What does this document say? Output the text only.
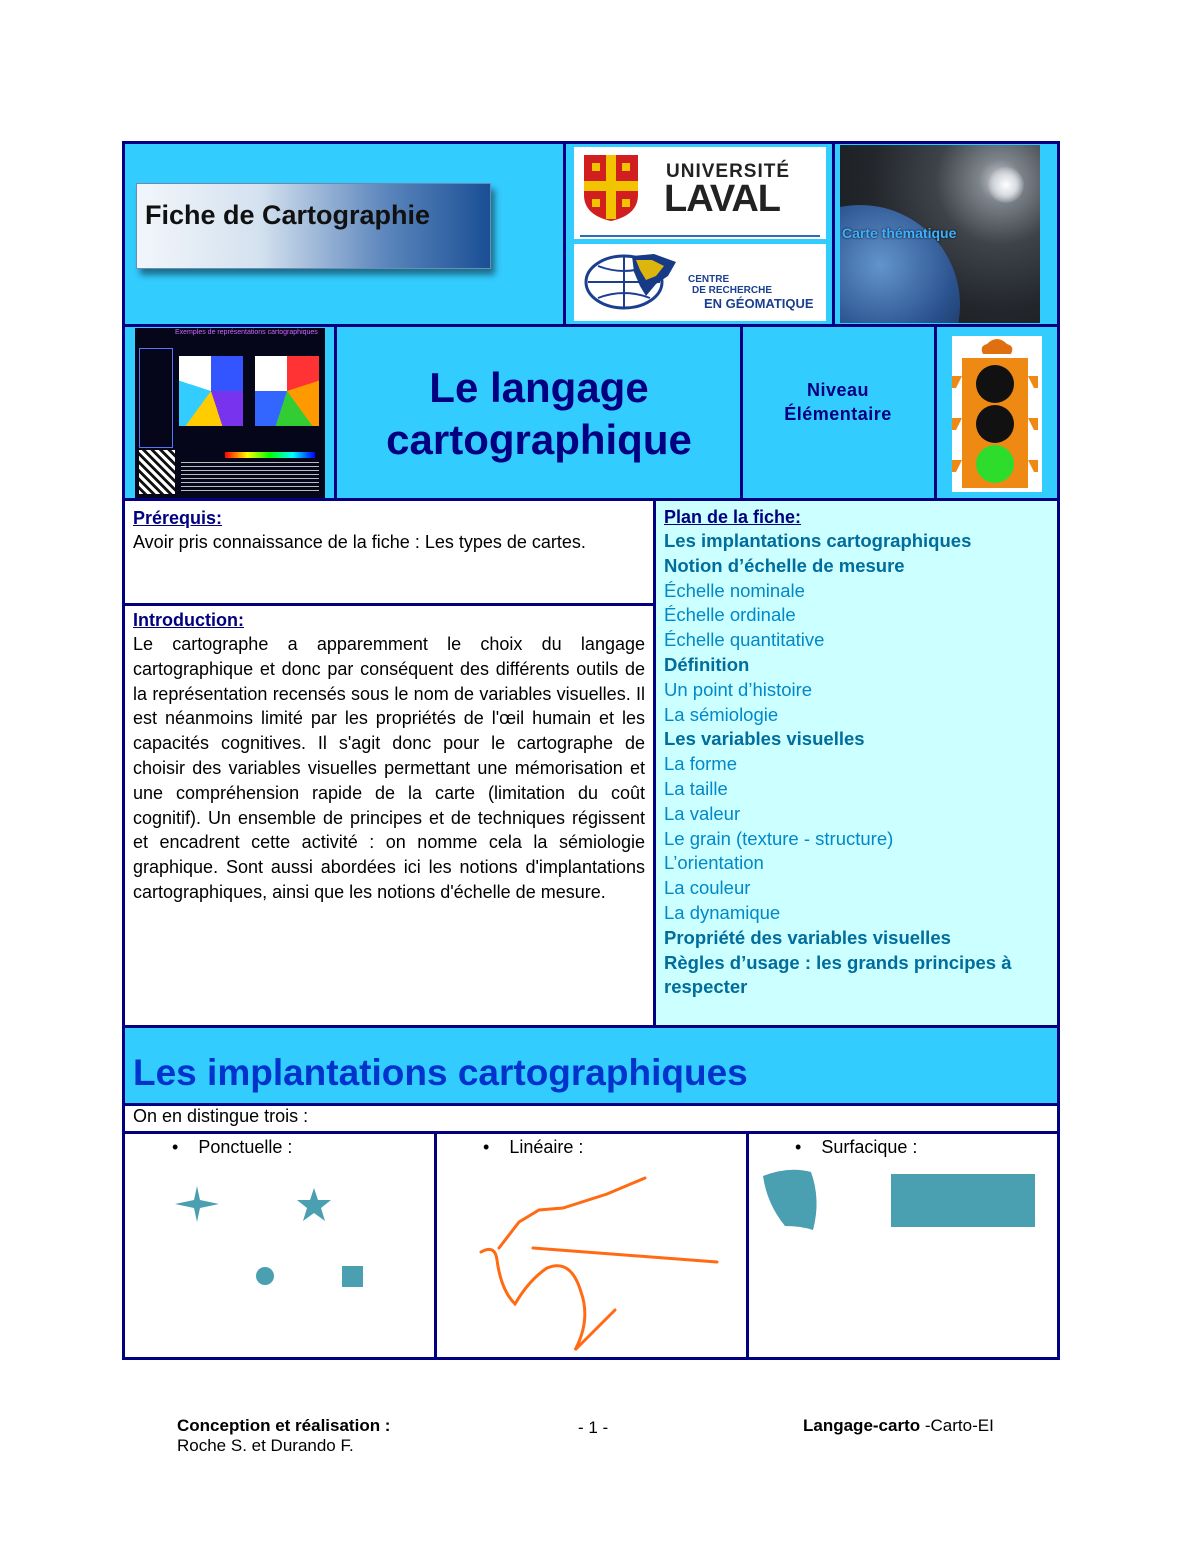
Fiche de Cartographie
UNIVERSITÉ
LAVAL
CENTRE
DE RECHERCHE
EN GÉOMATIQUE
Carte thématique
Exemples de représentations cartographiques
Le langage
cartographique
Niveau
Élémentaire
Prérequis:
Avoir pris connaissance de la fiche : Les types de cartes.
Introduction:
Le cartographe a apparemment le choix du langage cartographique et donc par conséquent des différents outils de la représentation recensés sous le nom de variables visuelles. Il est néanmoins limité par les propriétés de l'œil humain et les capacités cognitives. Il s'agit donc pour le cartographe de choisir des variables visuelles permettant une mémorisation et une compréhension rapide de la carte (limitation du coût cognitif). Un ensemble de principes et de techniques régissent et encadrent cette activité : on nomme cela la sémiologie graphique. Sont aussi abordées ici les notions d'implantations cartographiques, ainsi que les notions d'échelle de mesure.
Plan de la fiche:
Les implantations cartographiques
Notion d’échelle de mesure
Échelle nominale
Échelle ordinale
Échelle quantitative
Définition
Un point d’histoire
La sémiologie
Les variables visuelles
La forme
La taille
La valeur
Le grain (texture - structure)
L’orientation
La couleur
La dynamique
Propriété des variables visuelles
Règles d’usage : les grands principes à respecter
Les implantations cartographiques
On en distingue trois :
•    Ponctuelle :	•    Linéaire :	•    Surfacique :
Conception et réalisation :
Roche S. et Durando F.
- 1 -	Langage-carto -Carto-EI
